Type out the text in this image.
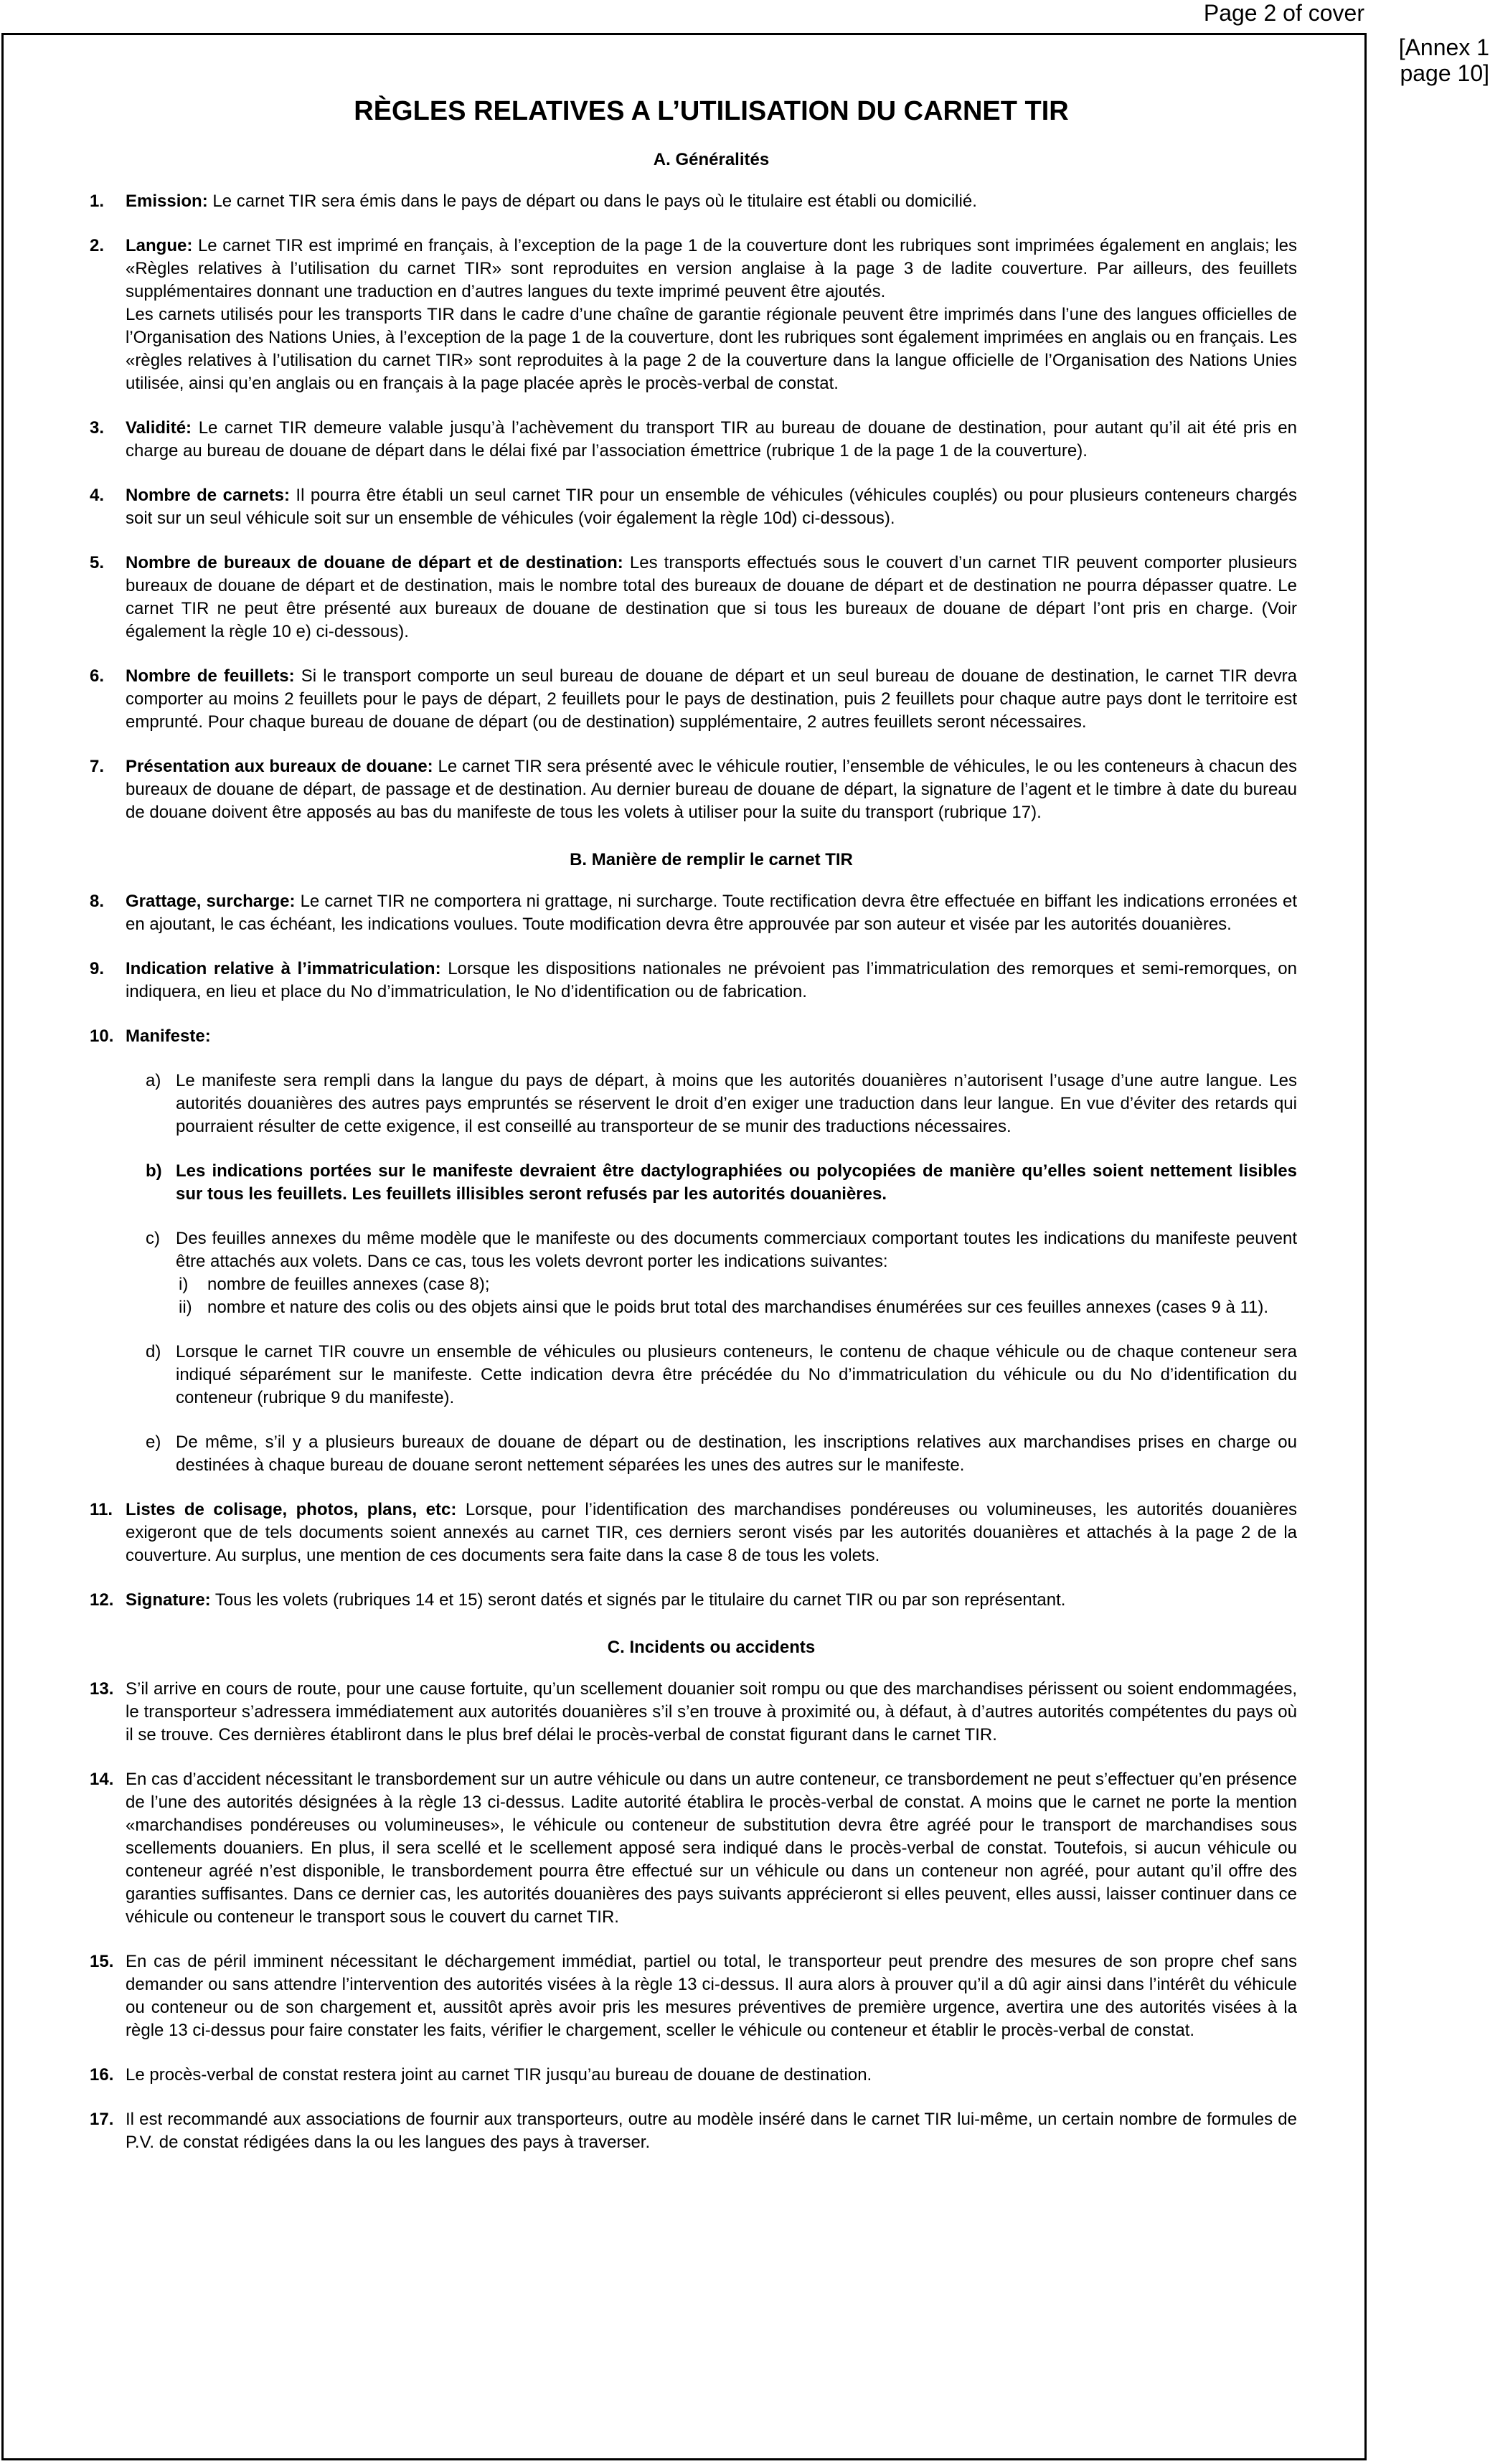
Page 2 of cover
[Annex 1 page 10]
RÈGLES RELATIVES A L’UTILISATION DU CARNET TIR
A. Généralités
1. Emission: Le carnet TIR sera émis dans le pays de départ ou dans le pays où le titulaire est établi ou domicilié.

2. Langue: Le carnet TIR est imprimé en français, à l’exception de la page 1 de la couverture dont les rubriques sont imprimées également en anglais; les «Règles relatives à l’utilisation du carnet TIR» sont reproduites en version anglaise à la page 3 de ladite couverture. Par ailleurs, des feuillets supplémentaires donnant une traduction en d’autres langues du texte imprimé peuvent être ajoutés.

Les carnets utilisés pour les transports TIR dans le cadre d’une chaîne de garantie régionale peuvent être imprimés dans l’une des langues officielles de l’Organisation des Nations Unies, à l’exception de la page 1 de la couverture, dont les rubriques sont également imprimées en anglais ou en français. Les «règles relatives à l’utilisation du carnet TIR» sont reproduites à la page 2 de la couverture dans la langue officielle de l’Organisation des Nations Unies utilisée, ainsi qu’en anglais ou en français à la page placée après le procès-verbal de constat.

3. Validité: Le carnet TIR demeure valable jusqu’à l’achèvement du transport TIR au bureau de douane de destination, pour autant qu’il ait été pris en charge au bureau de douane de départ dans le délai fixé par l’association émettrice (rubrique 1 de la page 1 de la couverture).

4. Nombre de carnets: Il pourra être établi un seul carnet TIR pour un ensemble de véhicules (véhicules couplés) ou pour plusieurs conteneurs chargés soit sur un seul véhicule soit sur un ensemble de véhicules (voir également la règle 10d) ci-dessous).

5. Nombre de bureaux de douane de départ et de destination: Les transports effectués sous le couvert d’un carnet TIR peuvent comporter plusieurs bureaux de douane de départ et de destination, mais le nombre total des bureaux de douane de départ et de destination ne pourra dépasser quatre. Le carnet TIR ne peut être présenté aux bureaux de douane de destination que si tous les bureaux de douane de départ l’ont pris en charge. (Voir également la règle 10 e) ci-dessous).

6. Nombre de feuillets: Si le transport comporte un seul bureau de douane de départ et un seul bureau de douane de destination, le carnet TIR devra comporter au moins 2 feuillets pour le pays de départ, 2 feuillets pour le pays de destination, puis 2 feuillets pour chaque autre pays dont le territoire est emprunté. Pour chaque bureau de douane de départ (ou de destination) supplémentaire, 2 autres feuillets seront nécessaires.

7. Présentation aux bureaux de douane: Le carnet TIR sera présenté avec le véhicule routier, l’ensemble de véhicules, le ou les conteneurs à chacun des bureaux de douane de départ, de passage et de destination. Au dernier bureau de douane de départ, la signature de l’agent et le timbre à date du bureau de douane doivent être apposés au bas du manifeste de tous les volets à utiliser pour la suite du transport (rubrique 17).

B. Manière de remplir le carnet TIR
8. Grattage, surcharge: Le carnet TIR ne comportera ni grattage, ni surcharge. Toute rectification devra être effectuée en biffant les indications erronées et en ajoutant, le cas échéant, les indications voulues. Toute modification devra être approuvée par son auteur et visée par les autorités douanières.

9. Indication relative à l’immatriculation: Lorsque les dispositions nationales ne prévoient pas l’immatriculation des remorques et semi-remorques, on indiquera, en lieu et place du No d’immatriculation, le No d’identification ou de fabrication.

10. Manifeste:

a) Le manifeste sera rempli dans la langue du pays de départ, à moins que les autorités douanières n’autorisent l’usage d’une autre langue. Les autorités douanières des autres pays empruntés se réservent le droit d’en exiger une traduction dans leur langue. En vue d’éviter des retards qui pourraient résulter de cette exigence, il est conseillé au transporteur de se munir des traductions nécessaires.
b) Les indications portées sur le manifeste devraient être dactylographiées ou polycopiées de manière qu’elles soient nettement lisibles sur tous les feuillets. Les feuillets illisibles seront refusés par les autorités douanières.
c) Des feuilles annexes du même modèle que le manifeste ou des documents commerciaux comportant toutes les indications du manifeste peuvent être attachés aux volets. Dans ce cas, tous les volets devront porter les indications suivantes:
i) nombre de feuilles annexes (case 8);
ii) nombre et nature des colis ou des objets ainsi que le poids brut total des marchandises énumérées sur ces feuilles annexes (cases 9 à 11).
d) Lorsque le carnet TIR couvre un ensemble de véhicules ou plusieurs conteneurs, le contenu de chaque véhicule ou de chaque conteneur sera indiqué séparément sur le manifeste. Cette indication devra être précédée du No d’immatriculation du véhicule ou du No d’identification du conteneur (rubrique 9 du manifeste).
e) De même, s’il y a plusieurs bureaux de douane de départ ou de destination, les inscriptions relatives aux marchandises prises en charge ou destinées à chaque bureau de douane seront nettement séparées les unes des autres sur le manifeste.
11. Listes de colisage, photos, plans, etc: Lorsque, pour l’identification des marchandises pondéreuses ou volumineuses, les autorités douanières exigeront que de tels documents soient annexés au carnet TIR, ces derniers seront visés par les autorités douanières et attachés à la page 2 de la couverture. Au surplus, une mention de ces documents sera faite dans la case 8 de tous les volets.

12. Signature: Tous les volets (rubriques 14 et 15) seront datés et signés par le titulaire du carnet TIR ou par son représentant.

C. Incidents ou accidents
13. S’il arrive en cours de route, pour une cause fortuite, qu’un scellement douanier soit rompu ou que des marchandises périssent ou soient endommagées, le transporteur s’adressera immédiatement aux autorités douanières s’il s’en trouve à proximité ou, à défaut, à d’autres autorités compétentes du pays où il se trouve. Ces dernières établiront dans le plus bref délai le procès-verbal de constat figurant dans le carnet TIR.

14. En cas d’accident nécessitant le transbordement sur un autre véhicule ou dans un autre conteneur, ce transbordement ne peut s’effectuer qu’en présence de l’une des autorités désignées à la règle 13 ci-dessus. Ladite autorité établira le procès-verbal de constat. A moins que le carnet ne porte la mention «marchandises pondéreuses ou volumineuses», le véhicule ou conteneur de substitution devra être agréé pour le transport de marchandises sous scellements douaniers. En plus, il sera scellé et le scellement apposé sera indiqué dans le procès-verbal de constat. Toutefois, si aucun véhicule ou conteneur agréé n’est disponible, le transbordement pourra être effectué sur un véhicule ou dans un conteneur non agréé, pour autant qu’il offre des garanties suffisantes. Dans ce dernier cas, les autorités douanières des pays suivants apprécieront si elles peuvent, elles aussi, laisser continuer dans ce véhicule ou conteneur le transport sous le couvert du carnet TIR.

15. En cas de péril imminent nécessitant le déchargement immédiat, partiel ou total, le transporteur peut prendre des mesures de son propre chef sans demander ou sans attendre l’intervention des autorités visées à la règle 13 ci-dessus. Il aura alors à prouver qu’il a dû agir ainsi dans l’intérêt du véhicule ou conteneur ou de son chargement et, aussitôt après avoir pris les mesures préventives de première urgence, avertira une des autorités visées à la règle 13 ci-dessus pour faire constater les faits, vérifier le chargement, sceller le véhicule ou conteneur et établir le procès-verbal de constat.

16. Le procès-verbal de constat restera joint au carnet TIR jusqu’au bureau de douane de destination.

17. Il est recommandé aux associations de fournir aux transporteurs, outre au modèle inséré dans le carnet TIR lui-même, un certain nombre de formules de P.V. de constat rédigées dans la ou les langues des pays à traverser.
